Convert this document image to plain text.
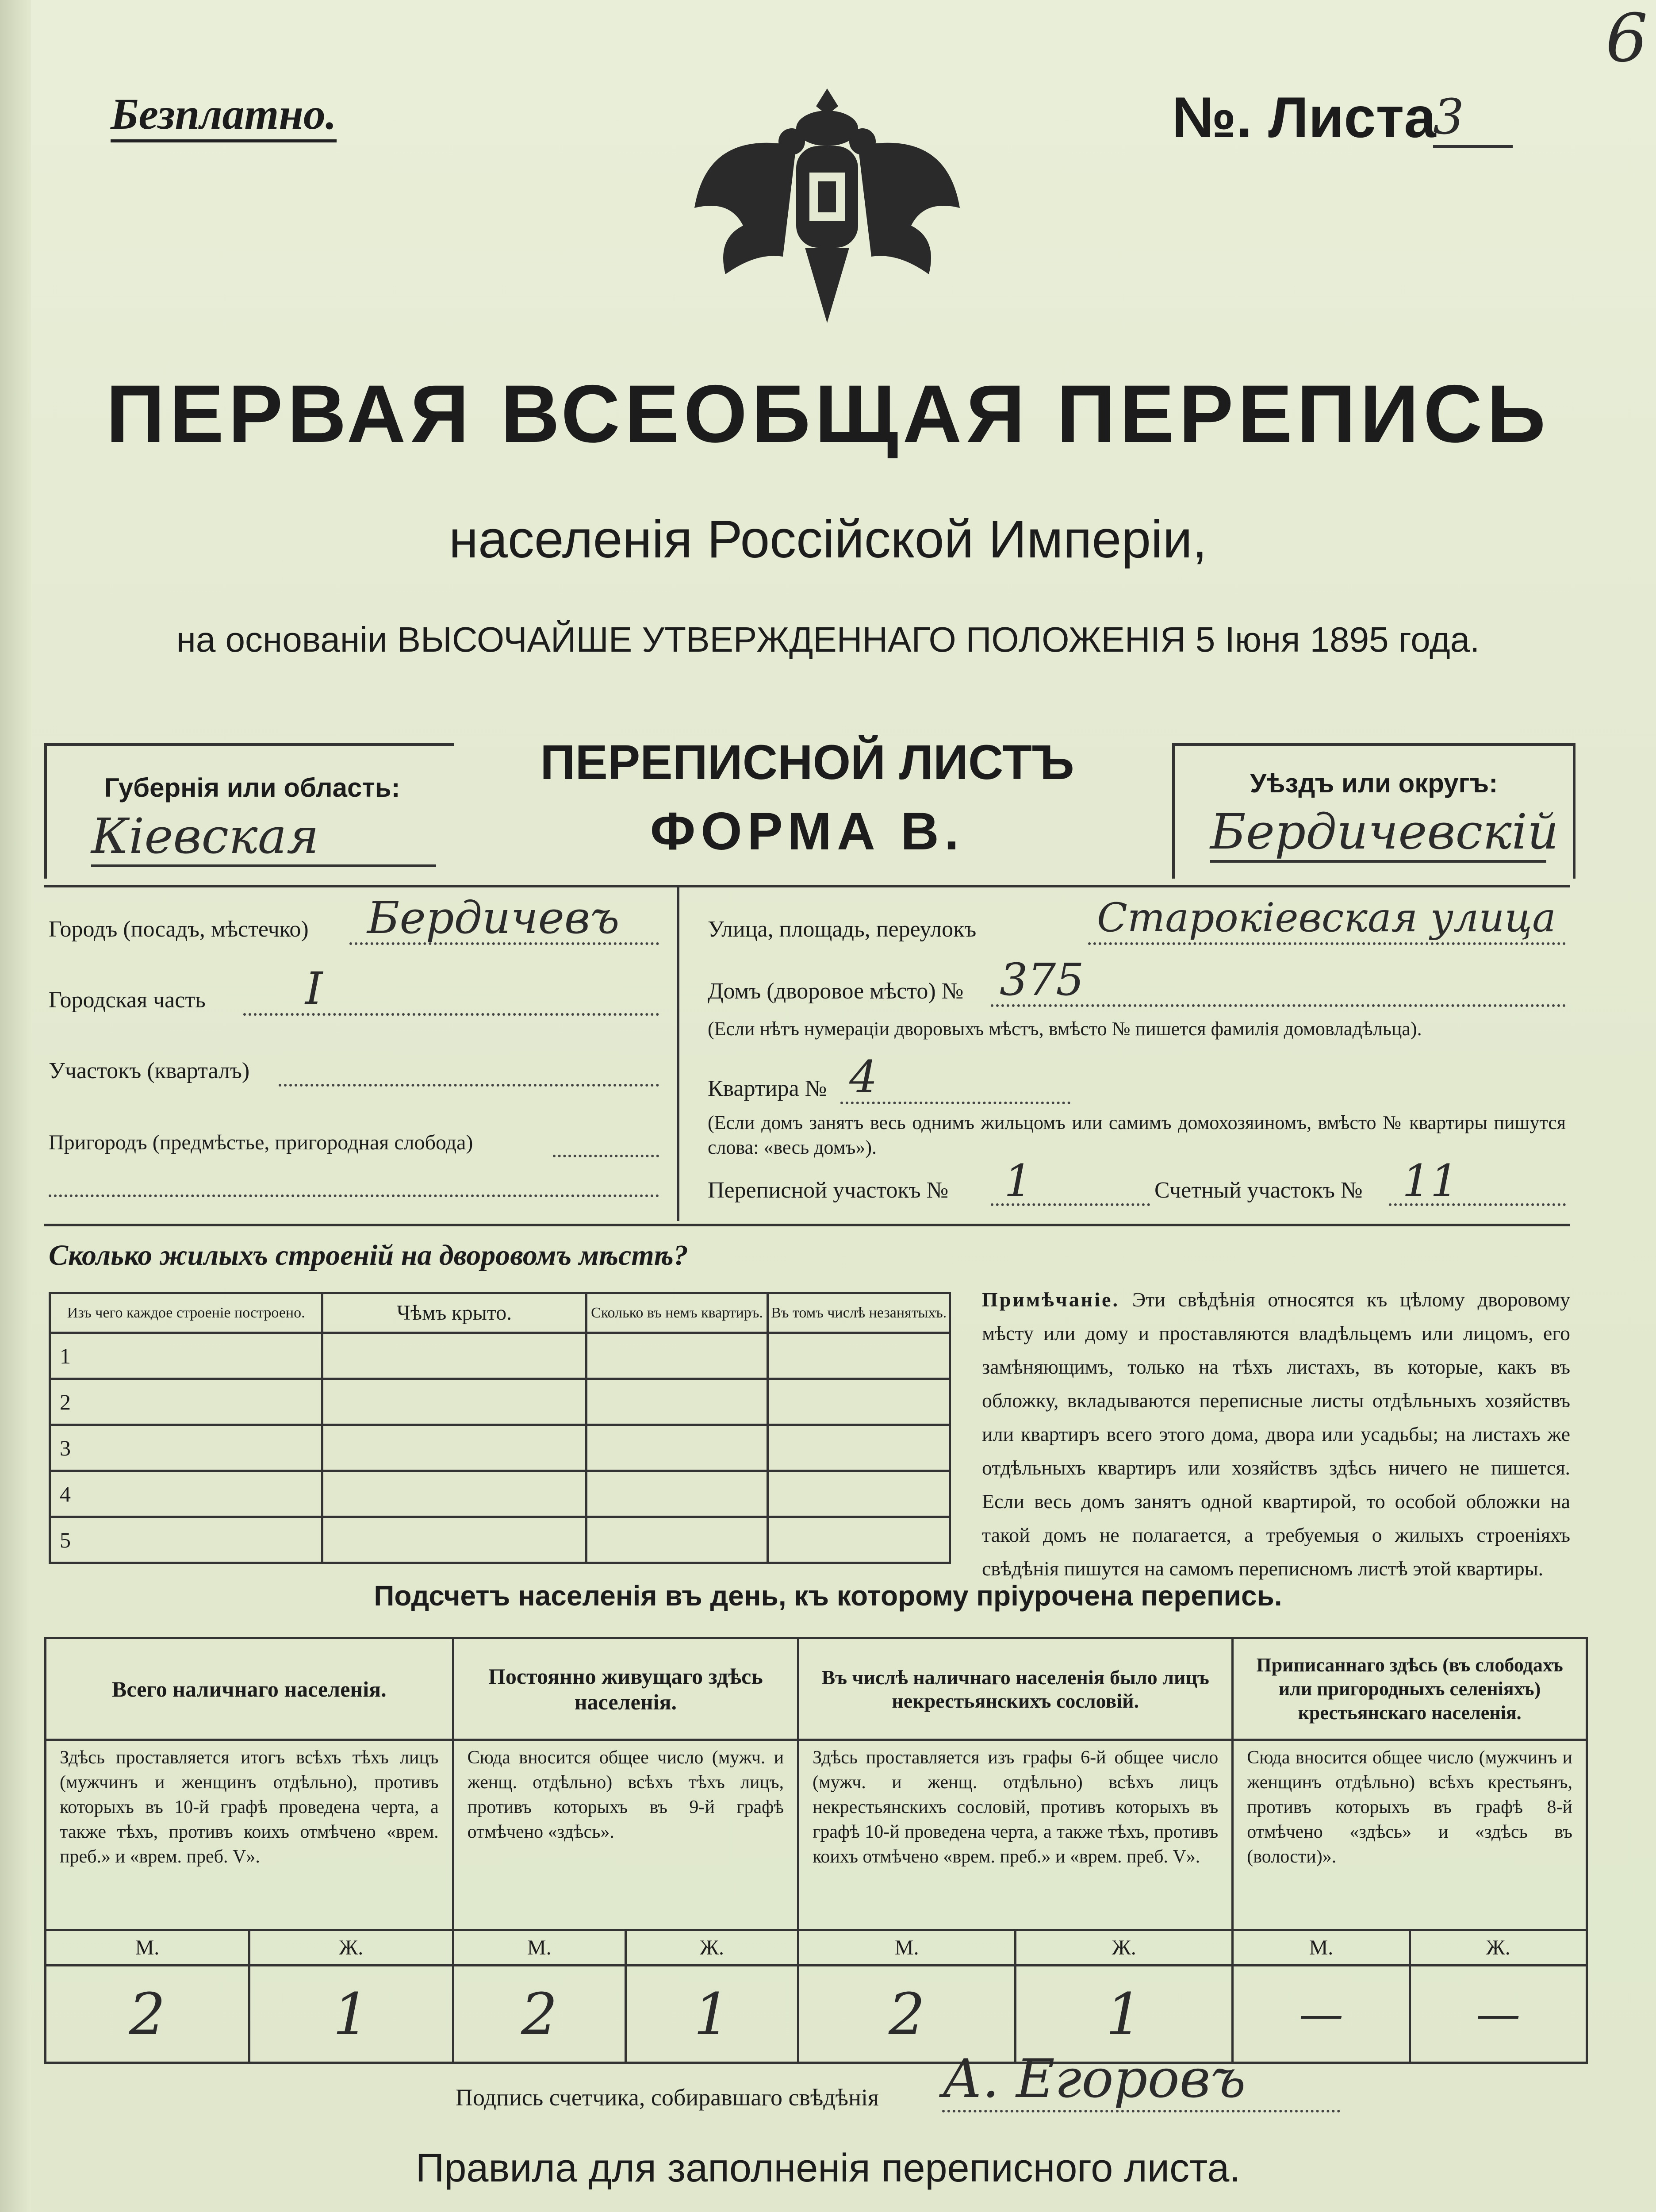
6
Безплатно.	№. Листа
3
ПЕРВАЯ ВСЕОБЩАЯ ПЕРЕПИСЬ
населенія Россійской Имперіи,
на основаніи ВЫСОЧАЙШЕ УТВЕРЖДЕННАГО ПОЛОЖЕНІЯ 5 Іюня 1895 года.
Губернія или область:
Кіевская
ПЕРЕПИСНОЙ ЛИСТЪ
ФОРМА В.
Уѣздъ или округъ:
Бердичевскій
Городъ (посадъ, мѣстечко)	Бердичевъ
Городская часть	I
Участокъ (кварталъ)
Пригородъ (предмѣстье, пригородная слобода)
Улица, площадь, переулокъ	Старокіевская улица
Домъ (дворовое мѣсто) № 375
(Если нѣтъ нумераціи дворовыхъ мѣстъ, вмѣсто № пишется фамилія домовладѣльца).
Квартира № 4
(Если домъ занятъ весь однимъ жильцомъ или самимъ домохозяиномъ, вмѣсто № квартиры пишутся слова: «весь домъ»).
Переписной участокъ №	1	Счетный участокъ № 11
Сколько жилыхъ строеній на дворовомъ мѣстѣ?
Изъ чего каждое строеніе построено.	Чѣмъ крыто.	Сколько въ немъ квартиръ.	Въ томъ числѣ незанятыхъ.
1			
2			
3			
4			
5			
Примѣчаніе. Эти свѣдѣнія относятся къ цѣлому дворовому мѣсту или дому и проставляются владѣльцемъ или лицомъ, его замѣняющимъ, только на тѣхъ листахъ, въ которые, какъ въ обложку, вкладываются переписные листы отдѣльныхъ хозяйствъ или квартиръ всего этого дома, двора или усадьбы; на листахъ же отдѣльныхъ квартиръ или хозяйствъ здѣсь ничего не пишется. Если весь домъ занятъ одной квартирой, то особой обложки на такой домъ не полагается, а требуемыя о жилыхъ строеніяхъ свѣдѣнія пишутся на самомъ переписномъ листѣ этой квартиры.
Подсчетъ населенія въ день, къ которому пріурочена перепись.
Всего наличнаго населенія.		Постоянно живущаго здѣсь населенія.		Въ числѣ наличнаго населенія было лицъ некрестьянскихъ сословій.		Приписаннаго здѣсь (въ слободахъ или пригородныхъ селеніяхъ) крестьянскаго населенія.	
Здѣсь проставляется итогъ всѣхъ тѣхъ лицъ (мужчинъ и женщинъ отдѣльно), противъ которыхъ въ 10-й графѣ проведена черта, а также тѣхъ, противъ коихъ отмѣчено «врем. преб.» и «врем. преб. V».		Сюда вносится общее число (мужч. и женщ. отдѣльно) всѣхъ тѣхъ лицъ, противъ которыхъ въ 9-й графѣ отмѣчено «здѣсь».		Здѣсь проставляется изъ графы 6-й общее число (мужч. и женщ. отдѣльно) всѣхъ лицъ некрестьянскихъ сословій, противъ которыхъ въ графѣ 10-й проведена черта, а также тѣхъ, противъ коихъ отмѣчено «врем. преб.» и «врем. преб. V».		Сюда вносится общее число (мужчинъ и женщинъ отдѣльно) всѣхъ крестьянъ, противъ которыхъ въ графѣ 8-й отмѣчено «здѣсь» и «здѣсь въ (волости)».	
М.	Ж.	М.	Ж.	М.	Ж.	М.	Ж.
2	1	2	1	2	1	—	—
Подпись счетчика, собиравшаго свѣдѣнія А. Егоровъ
Правила для заполненія переписного листа.
